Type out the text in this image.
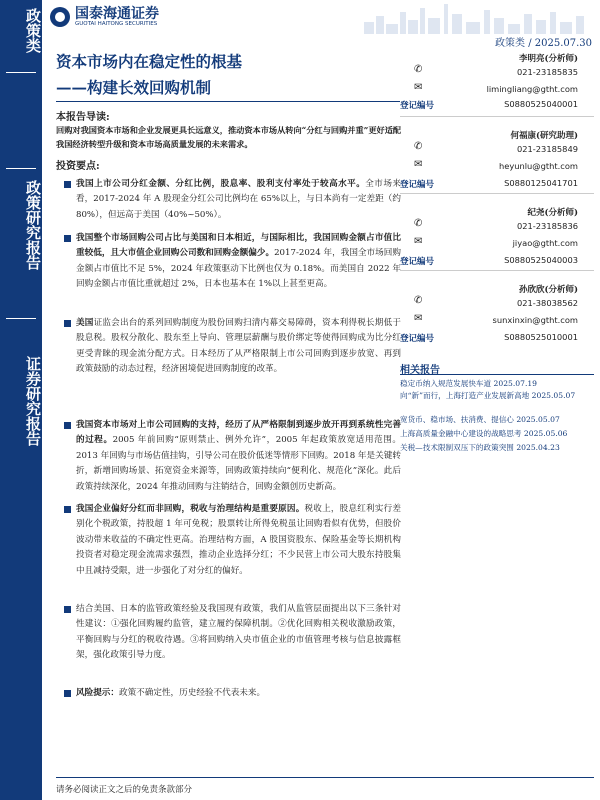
政策类
政策研究报告
证券研究报告
国泰海通证券
GUOTAI HAITONG SECURITIES
政策类 / 2025.07.30
资本市场内在稳定性的根基
——构建长效回购机制
本报告导读:
回购对我国资本市场和企业发展更具长远意义，推动资本市场从转向“分红与回购并重”更好适配我国经济转型升级和资本市场高质量发展的未来需求。
投资要点:
我国上市公司分红金额、分红比例，股息率、股利支付率处于较高水平。全市场来看，2017-2024 年 A 股现金分红公司比例均在 65%以上，与日本尚有一定差距（约 80%），但远高于美国（40%~50%）。
我国整个市场回购公司占比与美国和日本相近，与国际相比，我国回购金额占市值比重较低，且大市值企业回购公司数和回购金额偏少。2017-2024 年，我国全市场回购金额占市值比不足 5%，2024 年政策驱动下比例也仅为 0.18%。而美国自 2022 年回购金额占市值比重就超过 2%，日本也基本在 1%以上甚至更高。
美国证监会出台的系列回购制度为股份回购扫清内幕交易障碍，资本利得税长期低于股息税。股权分散化、股东至上导向、管理层薪酬与股价绑定等使得回购成为比分红更受青睐的现金流分配方式。日本经历了从严格限制上市公司回购到逐步放宽、再到政策鼓励的动态过程，经济困境促进回购制度的改革。
我国资本市场对上市公司回购的支持，经历了从严格限制到逐步放开再到系统性完善的过程。2005 年前回购“原则禁止、例外允许”，2005 年起政策放宽适用范围。2013 年回购与市场估值挂钩，引导公司在股价低迷等情形下回购。2018 年是关键转折，新增回购场景、拓宽资金来源等，回购政策持续向“便利化、规范化”深化。此后政策持续深化，2024 年推动回购与注销结合，回购金额创历史新高。
我国企业偏好分红而非回购，税收与治理结构是重要原因。税收上，股息红利实行差别化个税政策，持股超 1 年可免税；股票转让所得免税虽让回购看似有优势，但股价波动带来收益的不确定性更高。治理结构方面，A 股国资股东、保险基金等长期机构投资者对稳定现金流需求强烈，推动企业选择分红；不少民营上市公司大股东持股集中且减持受限，进一步强化了对分红的偏好。
结合美国、日本的监管政策经验及我国现有政策，我们从监管层面提出以下三条针对性建议：①强化回购履约监管，建立履约保障机制。②优化回购相关税收激励政策，平衡回购与分红的税收待遇。③将回购纳入央市值企业的市值管理考核与信息披露框架，强化政策引导力度。
风险提示：政策不确定性，历史经验不代表未来。
李明亮(分析师)
✆	021-23185835
✉	limingliang@gtht.com
登记编号	S0880525040001
何福康(研究助理)
✆	021-23185849
✉	heyunlu@gtht.com
登记编号	S0880125041701
纪尧(分析师)
✆	021-23185836
✉	jiyao@gtht.com
登记编号	S0880525040003
孙欣欣(分析师)
✆	021-38038562
✉	sunxinxin@gtht.com
登记编号	S0880525010001
相关报告
稳定币纳入规范发展快车道 2025.07.19
向“新”而行，上海打造产业发展新高地 2025.05.07
宽货币、稳市场、扶消费、提信心 2025.05.07
上海高质量金融中心建设的战略思考 2025.05.06
关税—技术限制双压下的政策突围 2025.04.23
请务必阅读正文之后的免责条款部分
